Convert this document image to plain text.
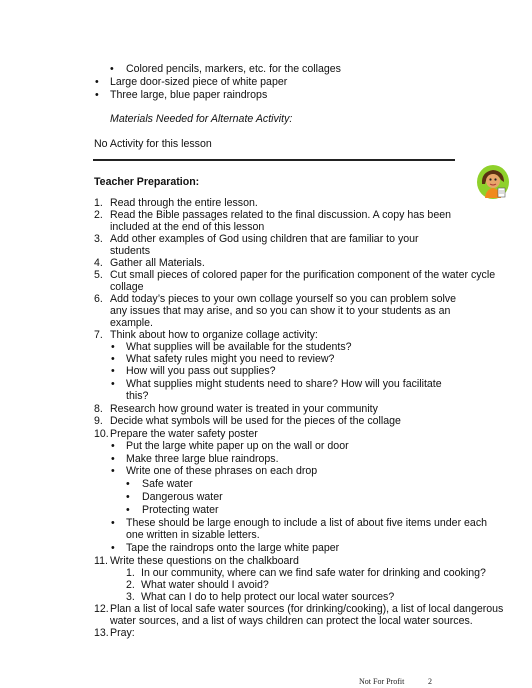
• Colored pencils, markers, etc. for the collages
• Large door-sized piece of white paper
• Three large, blue paper raindrops
Materials Needed for Alternate Activity:
No Activity for this lesson
Teacher Preparation:
1. Read through the entire lesson.
2. Read the Bible passages related to the final discussion. A copy has been
included at the end of this lesson
3. Add other examples of God using children that are familiar to your
students
4. Gather all Materials.
5. Cut small pieces of colored paper for the purification component of the water cycle
collage
6. Add today’s pieces to your own collage yourself so you can problem solve
any issues that may arise, and so you can show it to your students as an
example.
7. Think about how to organize collage activity:
• What supplies will be available for the students?
• What safety rules might you need to review?
• How will you pass out supplies?
• What supplies might students need to share? How will you facilitate
this?
8. Research how ground water is treated in your community
9. Decide what symbols will be used for the pieces of the collage
10. Prepare the water safety poster
• Put the large white paper up on the wall or door
• Make three large blue raindrops.
• Write one of these phrases on each drop
• Safe water
• Dangerous water
• Protecting water
• These should be large enough to include a list of about five items under each
one written in sizable letters.
• Tape the raindrops onto the large white paper
11. Write these questions on the chalkboard
1. In our community, where can we find safe water for drinking and cooking?
2. What water should I avoid?
3. What can I do to help protect our local water sources?
12. Plan a list of local safe water sources (for drinking/cooking), a list of local dangerous
water sources, and a list of ways children can protect the local water sources.
13. Pray:
Not For Profit	2
